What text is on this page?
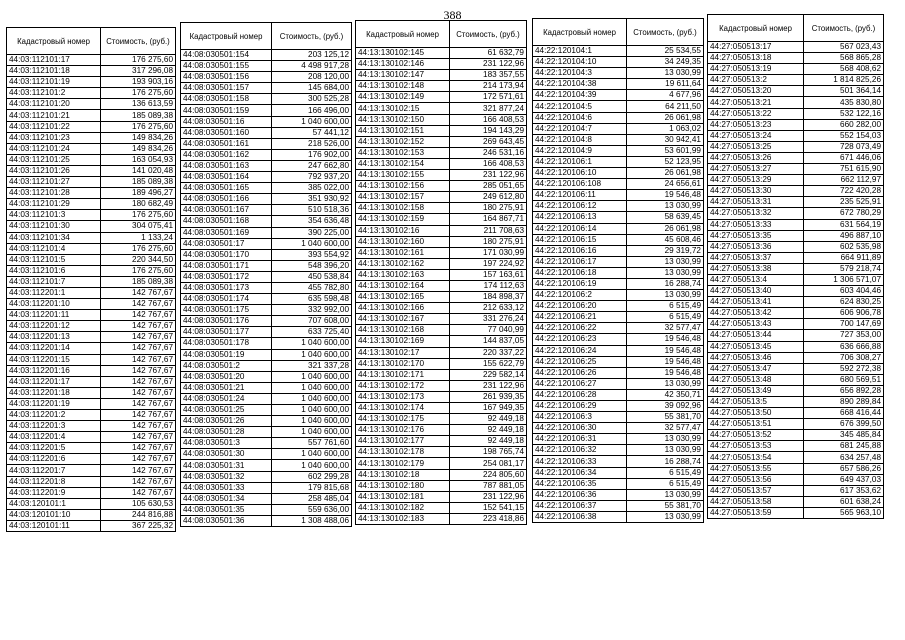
388
Кадастровый номер	Стоимость, (руб.)
44:03:112101:17	176 275,60
44:03:112101:18	317 296,08
44:03:112101:19	193 903,16
44:03:112101:2	176 275,60
44:03:112101:20	136 613,59
44:03:112101:21	185 089,38
44:03:112101:22	176 275,60
44:03:112101:23	149 834,26
44:03:112101:24	149 834,26
44:03:112101:25	163 054,93
44:03:112101:26	141 020,48
44:03:112101:27	185 089,38
44:03:112101:28	189 496,27
44:03:112101:29	180 682,49
44:03:112101:3	176 275,60
44:03:112101:30	304 075,41
44:03:112101:34	1 133,24
44:03:112101:4	176 275,60
44:03:112101:5	220 344,50
44:03:112101:6	176 275,60
44:03:112101:7	185 089,38
44:03:112201:1	142 767,67
44:03:112201:10	142 767,67
44:03:112201:11	142 767,67
44:03:112201:12	142 767,67
44:03:112201:13	142 767,67
44:03:112201:14	142 767,67
44:03:112201:15	142 767,67
44:03:112201:16	142 767,67
44:03:112201:17	142 767,67
44:03:112201:18	142 767,67
44:03:112201:19	142 767,67
44:03:112201:2	142 767,67
44:03:112201:3	142 767,67
44:03:112201:4	142 767,67
44:03:112201:5	142 767,67
44:03:112201:6	142 767,67
44:03:112201:7	142 767,67
44:03:112201:8	142 767,67
44:03:112201:9	142 767,67
44:03:120101:1	105 630,53
44:03:120101:10	244 816,88
44:03:120101:11	367 225,32
Кадастровый номер	Стоимость, (руб.)
44:08:030501:154	203 125,12
44:08:030501:155	4 498 917,28
44:08:030501:156	208 120,00
44:08:030501:157	145 684,00
44:08:030501:158	300 525,28
44:08:030501:159	166 496,00
44:08:030501:16	1 040 600,00
44:08:030501:160	57 441,12
44:08:030501:161	218 526,00
44:08:030501:162	176 902,00
44:08:030501:163	247 662,80
44:08:030501:164	792 937,20
44:08:030501:165	385 022,00
44:08:030501:166	351 930,92
44:08:030501:167	510 518,36
44:08:030501:168	354 636,48
44:08:030501:169	390 225,00
44:08:030501:17	1 040 600,00
44:08:030501:170	393 554,92
44:08:030501:171	548 396,20
44:08:030501:172	450 538,84
44:08:030501:173	455 782,80
44:08:030501:174	635 598,48
44:08:030501:175	332 992,00
44:08:030501:176	707 608,00
44:08:030501:177	633 725,40
44:08:030501:178	1 040 600,00
44:08:030501:19	1 040 600,00
44:08:030501:2	321 337,28
44:08:030501:20	1 040 600,00
44:08:030501:21	1 040 600,00
44:08:030501:24	1 040 600,00
44:08:030501:25	1 040 600,00
44:08:030501:26	1 040 600,00
44:08:030501:28	1 040 600,00
44:08:030501:3	557 761,60
44:08:030501:30	1 040 600,00
44:08:030501:31	1 040 600,00
44:08:030501:32	602 299,28
44:08:030501:33	179 815,68
44:08:030501:34	258 485,04
44:08:030501:35	559 636,00
44:08:030501:36	1 308 488,06
Кадастровый номер	Стоимость, (руб.)
44:13:130102:145	61 632,79
44:13:130102:146	231 122,96
44:13:130102:147	183 357,55
44:13:130102:148	214 173,94
44:13:130102:149	172 571,61
44:13:130102:15	321 877,24
44:13:130102:150	166 408,53
44:13:130102:151	194 143,29
44:13:130102:152	269 643,45
44:13:130102:153	246 531,16
44:13:130102:154	166 408,53
44:13:130102:155	231 122,96
44:13:130102:156	285 051,65
44:13:130102:157	249 612,80
44:13:130102:158	180 275,91
44:13:130102:159	164 867,71
44:13:130102:16	211 708,63
44:13:130102:160	180 275,91
44:13:130102:161	171 030,99
44:13:130102:162	197 224,92
44:13:130102:163	157 163,61
44:13:130102:164	174 112,63
44:13:130102:165	184 898,37
44:13:130102:166	212 633,12
44:13:130102:167	331 276,24
44:13:130102:168	77 040,99
44:13:130102:169	144 837,05
44:13:130102:17	220 337,22
44:13:130102:170	155 622,79
44:13:130102:171	229 582,14
44:13:130102:172	231 122,96
44:13:130102:173	261 939,35
44:13:130102:174	167 949,35
44:13:130102:175	92 449,18
44:13:130102:176	92 449,18
44:13:130102:177	92 449,18
44:13:130102:178	198 765,74
44:13:130102:179	254 081,17
44:13:130102:18	224 805,60
44:13:130102:180	787 881,05
44:13:130102:181	231 122,96
44:13:130102:182	152 541,15
44:13:130102:183	223 418,86
Кадастровый номер	Стоимость, (руб.)
44:22:120104:1	25 534,55
44:22:120104:10	34 249,35
44:22:120104:3	13 030,99
44:22:120104:38	19 611,64
44:22:120104:39	4 677,96
44:22:120104:5	64 211,50
44:22:120104:6	26 061,98
44:22:120104:7	1 063,02
44:22:120104:8	30 942,41
44:22:120104:9	53 601,99
44:22:120106:1	52 123,95
44:22:120106:10	26 061,98
44:22:120106:108	24 656,61
44:22:120106:11	19 546,48
44:22:120106:12	13 030,99
44:22:120106:13	58 639,45
44:22:120106:14	26 061,98
44:22:120106:15	45 608,46
44:22:120106:16	29 319,72
44:22:120106:17	13 030,99
44:22:120106:18	13 030,99
44:22:120106:19	16 288,74
44:22:120106:2	13 030,99
44:22:120106:20	6 515,49
44:22:120106:21	6 515,49
44:22:120106:22	32 577,47
44:22:120106:23	19 546,48
44:22:120106:24	19 546,48
44:22:120106:25	19 546,48
44:22:120106:26	19 546,48
44:22:120106:27	13 030,99
44:22:120106:28	42 350,71
44:22:120106:29	39 092,96
44:22:120106:3	55 381,70
44:22:120106:30	32 577,47
44:22:120106:31	13 030,99
44:22:120106:32	13 030,99
44:22:120106:33	16 288,74
44:22:120106:34	6 515,49
44:22:120106:35	6 515,49
44:22:120106:36	13 030,99
44:22:120106:37	55 381,70
44:22:120106:38	13 030,99
Кадастровый номер	Стоимость, (руб.)
44:27:050513:17	567 023,43
44:27:050513:18	568 865,28
44:27:050513:19	568 408,62
44:27:050513:2	1 814 825,26
44:27:050513:20	501 364,14
44:27:050513:21	435 830,80
44:27:050513:22	532 122,16
44:27:050513:23	660 282,00
44:27:050513:24	552 154,03
44:27:050513:25	728 073,49
44:27:050513:26	671 446,06
44:27:050513:27	751 615,90
44:27:050513:29	662 112,97
44:27:050513:30	722 420,28
44:27:050513:31	235 525,91
44:27:050513:32	672 780,29
44:27:050513:33	631 564,19
44:27:050513:35	496 887,10
44:27:050513:36	602 535,98
44:27:050513:37	664 911,89
44:27:050513:38	579 218,74
44:27:050513:4	1 306 571,07
44:27:050513:40	603 404,46
44:27:050513:41	624 830,25
44:27:050513:42	606 906,78
44:27:050513:43	700 147,69
44:27:050513:44	727 353,00
44:27:050513:45	636 666,88
44:27:050513:46	706 308,27
44:27:050513:47	592 272,38
44:27:050513:48	680 569,51
44:27:050513:49	656 892,28
44:27:050513:5	890 289,84
44:27:050513:50	668 416,44
44:27:050513:51	676 399,50
44:27:050513:52	345 485,84
44:27:050513:53	681 245,88
44:27:050513:54	634 257,48
44:27:050513:55	657 586,26
44:27:050513:56	649 437,03
44:27:050513:57	617 353,62
44:27:050513:58	601 638,24
44:27:050513:59	565 963,10
